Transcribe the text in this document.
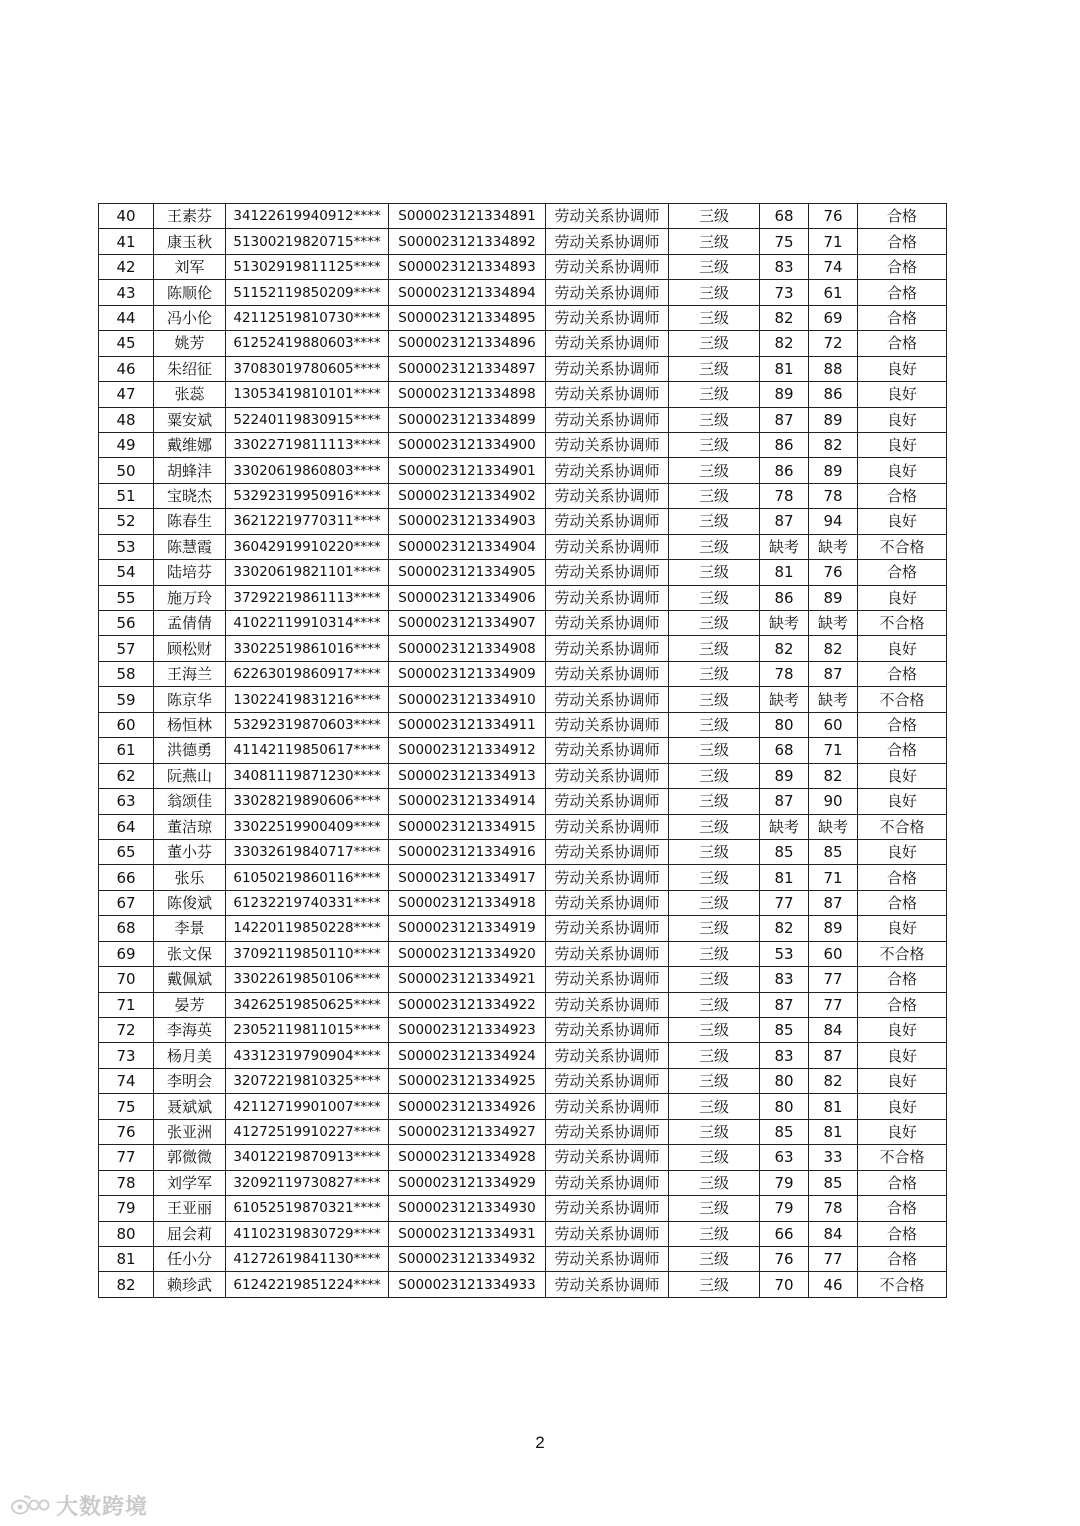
40	王素芬	34122619940912****	S000023121334891	劳动关系协调师	三级	68	76	合格
41	康玉秋	51300219820715****	S000023121334892	劳动关系协调师	三级	75	71	合格
42	刘军	51302919811125****	S000023121334893	劳动关系协调师	三级	83	74	合格
43	陈顺伦	51152119850209****	S000023121334894	劳动关系协调师	三级	73	61	合格
44	冯小伦	42112519810730****	S000023121334895	劳动关系协调师	三级	82	69	合格
45	姚芳	61252419880603****	S000023121334896	劳动关系协调师	三级	82	72	合格
46	朱绍征	37083019780605****	S000023121334897	劳动关系协调师	三级	81	88	良好
47	张蕊	13053419810101****	S000023121334898	劳动关系协调师	三级	89	86	良好
48	粟安斌	52240119830915****	S000023121334899	劳动关系协调师	三级	87	89	良好
49	戴维娜	33022719811113****	S000023121334900	劳动关系协调师	三级	86	82	良好
50	胡蜂沣	33020619860803****	S000023121334901	劳动关系协调师	三级	86	89	良好
51	宝晓杰	53292319950916****	S000023121334902	劳动关系协调师	三级	78	78	合格
52	陈春生	36212219770311****	S000023121334903	劳动关系协调师	三级	87	94	良好
53	陈慧霞	36042919910220****	S000023121334904	劳动关系协调师	三级	缺考	缺考	不合格
54	陆培芬	33020619821101****	S000023121334905	劳动关系协调师	三级	81	76	合格
55	施万玲	37292219861113****	S000023121334906	劳动关系协调师	三级	86	89	良好
56	孟倩倩	41022119910314****	S000023121334907	劳动关系协调师	三级	缺考	缺考	不合格
57	顾松财	33022519861016****	S000023121334908	劳动关系协调师	三级	82	82	良好
58	王海兰	62263019860917****	S000023121334909	劳动关系协调师	三级	78	87	合格
59	陈京华	13022419831216****	S000023121334910	劳动关系协调师	三级	缺考	缺考	不合格
60	杨恒林	53292319870603****	S000023121334911	劳动关系协调师	三级	80	60	合格
61	洪德勇	41142119850617****	S000023121334912	劳动关系协调师	三级	68	71	合格
62	阮燕山	34081119871230****	S000023121334913	劳动关系协调师	三级	89	82	良好
63	翁颂佳	33028219890606****	S000023121334914	劳动关系协调师	三级	87	90	良好
64	董洁琼	33022519900409****	S000023121334915	劳动关系协调师	三级	缺考	缺考	不合格
65	董小芬	33032619840717****	S000023121334916	劳动关系协调师	三级	85	85	良好
66	张乐	61050219860116****	S000023121334917	劳动关系协调师	三级	81	71	合格
67	陈俊斌	61232219740331****	S000023121334918	劳动关系协调师	三级	77	87	合格
68	李景	14220119850228****	S000023121334919	劳动关系协调师	三级	82	89	良好
69	张文保	37092119850110****	S000023121334920	劳动关系协调师	三级	53	60	不合格
70	戴佩斌	33022619850106****	S000023121334921	劳动关系协调师	三级	83	77	合格
71	晏芳	34262519850625****	S000023121334922	劳动关系协调师	三级	87	77	合格
72	李海英	23052119811015****	S000023121334923	劳动关系协调师	三级	85	84	良好
73	杨月美	43312319790904****	S000023121334924	劳动关系协调师	三级	83	87	良好
74	李明会	32072219810325****	S000023121334925	劳动关系协调师	三级	80	82	良好
75	聂斌斌	42112719901007****	S000023121334926	劳动关系协调师	三级	80	81	良好
76	张亚洲	41272519910227****	S000023121334927	劳动关系协调师	三级	85	81	良好
77	郭微微	34012219870913****	S000023121334928	劳动关系协调师	三级	63	33	不合格
78	刘学军	32092119730827****	S000023121334929	劳动关系协调师	三级	79	85	合格
79	王亚丽	61052519870321****	S000023121334930	劳动关系协调师	三级	79	78	合格
80	屈会莉	41102319830729****	S000023121334931	劳动关系协调师	三级	66	84	合格
81	任小分	41272619841130****	S000023121334932	劳动关系协调师	三级	76	77	合格
82	赖珍武	61242219851224****	S000023121334933	劳动关系协调师	三级	70	46	不合格
2
大数跨境
